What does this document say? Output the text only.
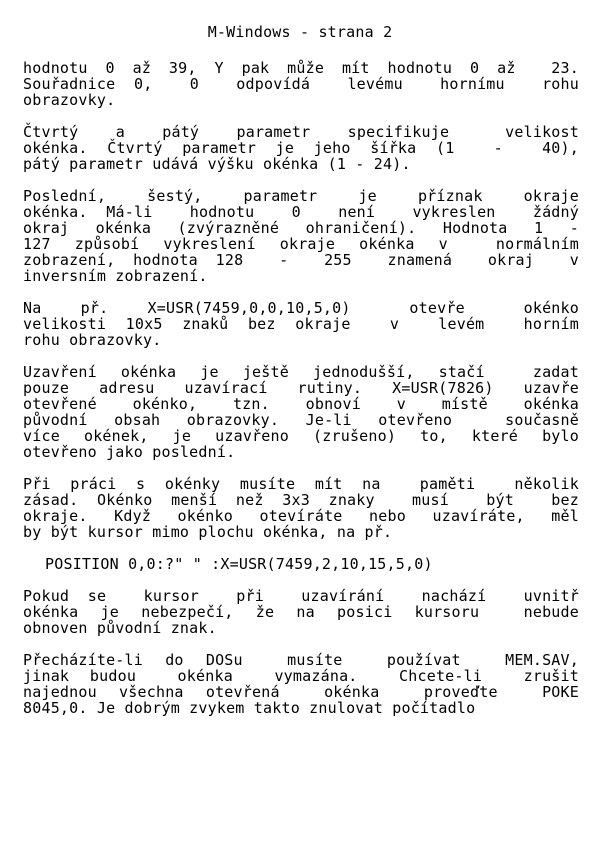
M-Windows - strana 2
hodnotu 0 až 39, Y pak může mít hodnotu 0 až  23.
Souřadnice 0,  0  odpovídá  levému  hornímu  rohu
obrazovky.
Čtvrtý  a  pátý  parametr  specifikuje   velikost
okénka. Čtvrtý parametr je jeho šířka (1  -  40),
pátý parametr udává výšku okénka (1 - 24).
Poslední,  šestý,  parametr  je  příznak  okraje
okénka. Má-li  hodnotu  0  není  vykreslen  žádný
okraj okénka (zvýrazněné ohraničení). Hodnota 1 -
127 způsobí vykreslení okraje okénka v  normálním
zobrazení, hodnota 128  -  255  znamená  okraj  v
inversním zobrazení.
Na  př.  X=USR(7459,0,0,10,5,0)   otevře   okénko
velikosti 10x5 znaků bez okraje  v  levém  horním
rohu obrazovky.
Uzavření okénka je ještě jednodušší, stačí  zadat
pouze adresu uzavírací rutiny. X=USR(7826) uzavře
otevřené  okénko,  tzn.  obnoví  v  místě  okénka
původní obsah obrazovky. Je-li otevřeno  současně
více okének, je uzavřeno (zrušeno) to, které bylo
otevřeno jako poslední.
Při práci s okénky musíte mít na  paměti  několik
zásad. Okénko menší než 3x3 znaky  musí  být  bez
okraje. Když okénko otevíráte nebo uzavíráte, měl
by být kursor mimo plochu okénka, na př.
POSITION 0,0:?" " :X=USR(7459,2,10,15,5,0)
Pokud se  kursor  při  uzavírání  nachází  uvnitř
okénka je nebezpečí, že na posici kursoru  nebude
obnoven původní znak.
Přecházíte-li do DOSu  musíte  používat  MEM.SAV,
jinak budou  okénka  vymazána.  Chcete-li  zrušit
najednou všechna otevřená  okénka  proveďte  POKE
8045,0. Je dobrým zvykem takto znulovat počítadlo
